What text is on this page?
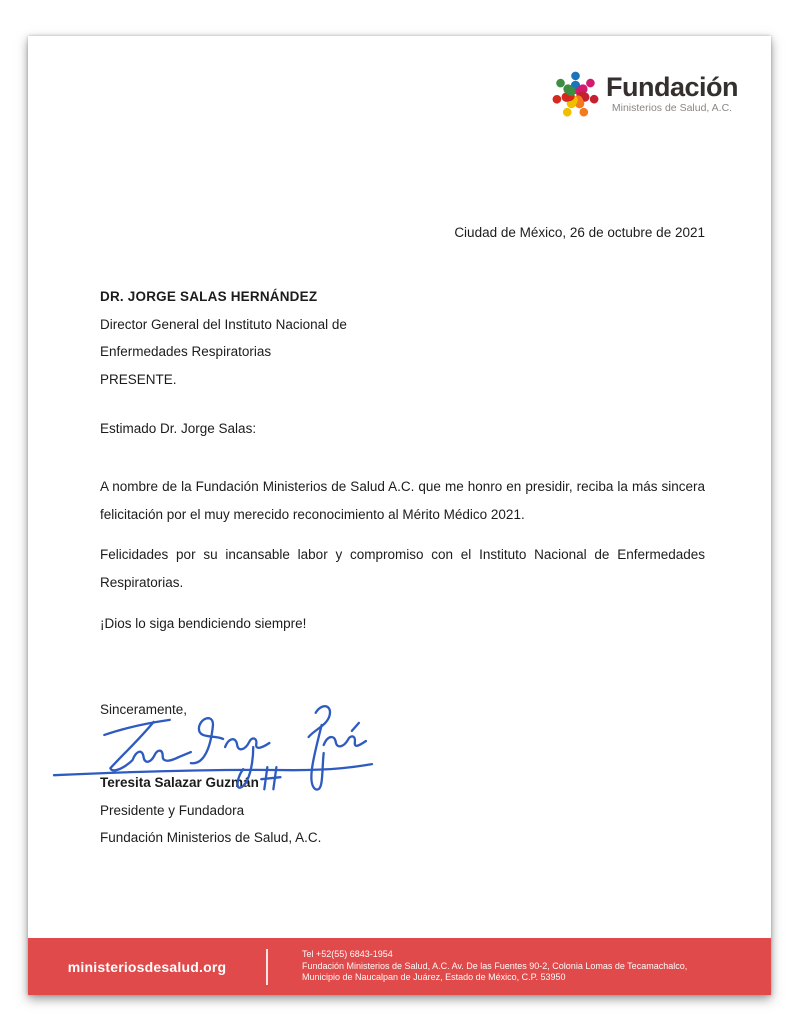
Fundación
Ministerios de Salud, A.C.
Ciudad de México, 26 de octubre de 2021
DR. JORGE SALAS HERNÁNDEZ
Director General del Instituto Nacional de
Enfermedades Respiratorias
PRESENTE.
Estimado Dr. Jorge Salas:
A nombre de la Fundación Ministerios de Salud A.C. que me honro en presidir, reciba la más sincera felicitación por el muy merecido reconocimiento al Mérito Médico 2021.
Felicidades por su incansable labor y compromiso con el Instituto Nacional de Enfermedades Respiratorias.
¡Dios lo siga bendiciendo siempre!
Sinceramente,
Teresita Salazar Guzmán
Presidente y Fundadora
Fundación Ministerios de Salud, A.C.
ministeriosdesalud.org
Tel +52(55) 6843-1954
Fundación Ministerios de Salud, A.C. Av. De las Fuentes 90-2, Colonia Lomas de Tecamachalco,
Municipio de Naucalpan de Juárez, Estado de México, C.P. 53950
